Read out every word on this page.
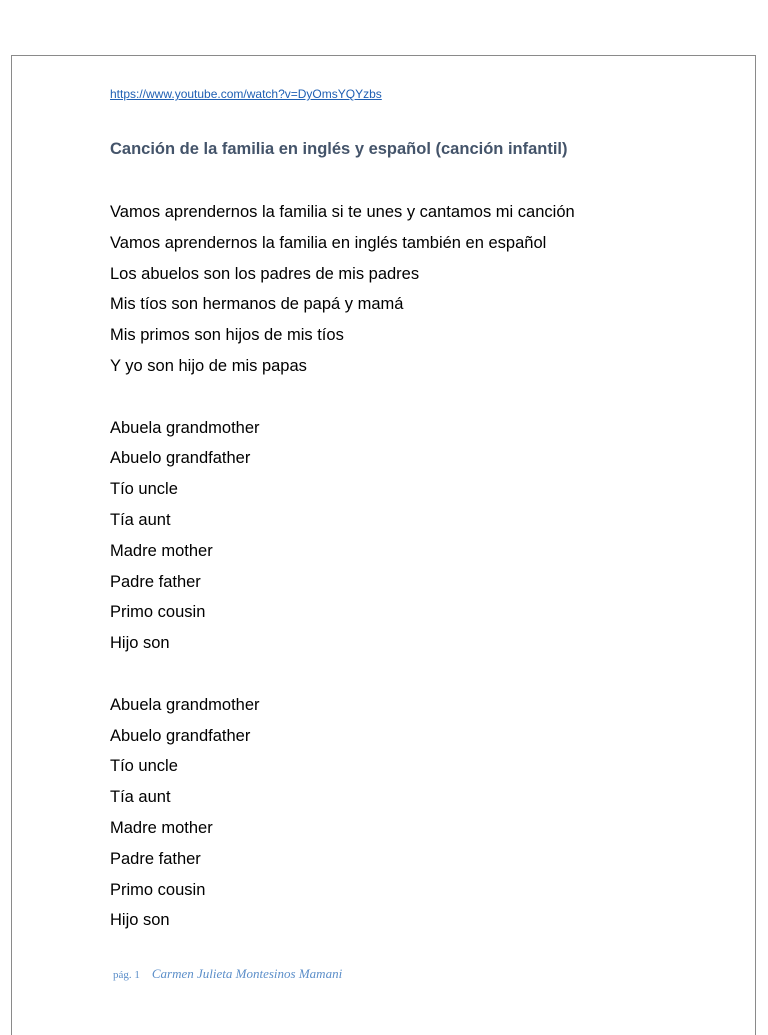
https://www.youtube.com/watch?v=DyOmsYQYzbs
Canción de la familia en inglés y español (canción infantil)
Vamos aprendernos la familia si te unes y cantamos mi canción
Vamos aprendernos la familia en inglés también en español
Los abuelos son los padres de mis padres
Mis tíos son hermanos de papá y mamá
Mis primos son hijos de mis tíos
Y yo son hijo de mis papas
Abuela grandmother
Abuelo grandfather
Tío uncle
Tía aunt
Madre mother
Padre father
Primo cousin
Hijo son
Abuela grandmother
Abuelo grandfather
Tío uncle
Tía aunt
Madre mother
Padre father
Primo cousin
Hijo son
pág. 1 Carmen Julieta Montesinos Mamani
